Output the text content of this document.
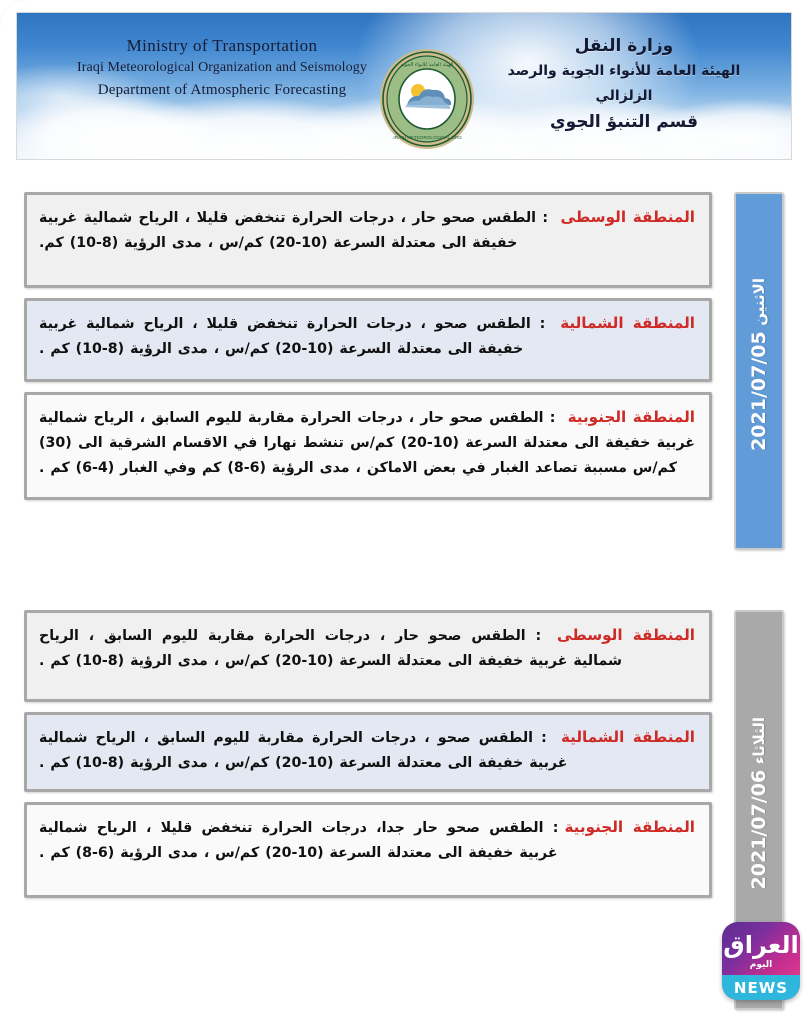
Ministry of Transportation
Iraqi Meteorological Organization and Seismology
Department of Atmospheric Forecasting
الهيئة العامة للانواء الجوية
IRAQI METEOROLOGICAL ORG.
وزارة النقل
الهيئة العامة للأنواء الجوية والرصد الزلزالي
قسم التنبؤ الجوي
المنطقة الوسطى : الطقس صحو حار ، درجات الحرارة تنخفض قليلا ، الرياح شمالية غربية خفيفة الى معتدلة السرعة (10-20) كم/س ، مدى الرؤية (8-10) كم.
المنطقة الشمالية : الطقس صحو ، درجات الحرارة تنخفض قليلا ، الرياح شمالية غربية خفيفة الى معتدلة السرعة (10-20) كم/س ، مدى الرؤية (8-10) كم .
المنطقة الجنوبية : الطقس صحو حار ، درجات الحرارة مقاربة لليوم السابق ، الرياح شمالية غربية خفيفة الى معتدلة السرعة (10-20) كم/س تنشط نهارا في الاقسام الشرقية الى (30) كم/س مسببة تصاعد الغبار في بعض الاماكن ، مدى الرؤية (6-8) كم وفي الغبار (4-6) كم .
الاثنين 2021/07/05
المنطقة الوسطى : الطقس صحو حار ، درجات الحرارة مقاربة لليوم السابق ، الرياح شمالية غربية خفيفة الى معتدلة السرعة (10-20) كم/س ، مدى الرؤية (8-10) كم .
المنطقة الشمالية : الطقس صحو ، درجات الحرارة مقاربة لليوم السابق ، الرياح شمالية غربية خفيفة الى معتدلة السرعة (10-20) كم/س ، مدى الرؤية (8-10) كم .
المنطقة الجنوبية: الطقس صحو حار جدا، درجات الحرارة تنخفض قليلا ، الرياح شمالية غربية خفيفة الى معتدلة السرعة (10-20) كم/س ، مدى الرؤية (6-8) كم .
الثلاثاء 2021/07/06
العراق
اليوم
NEWS
